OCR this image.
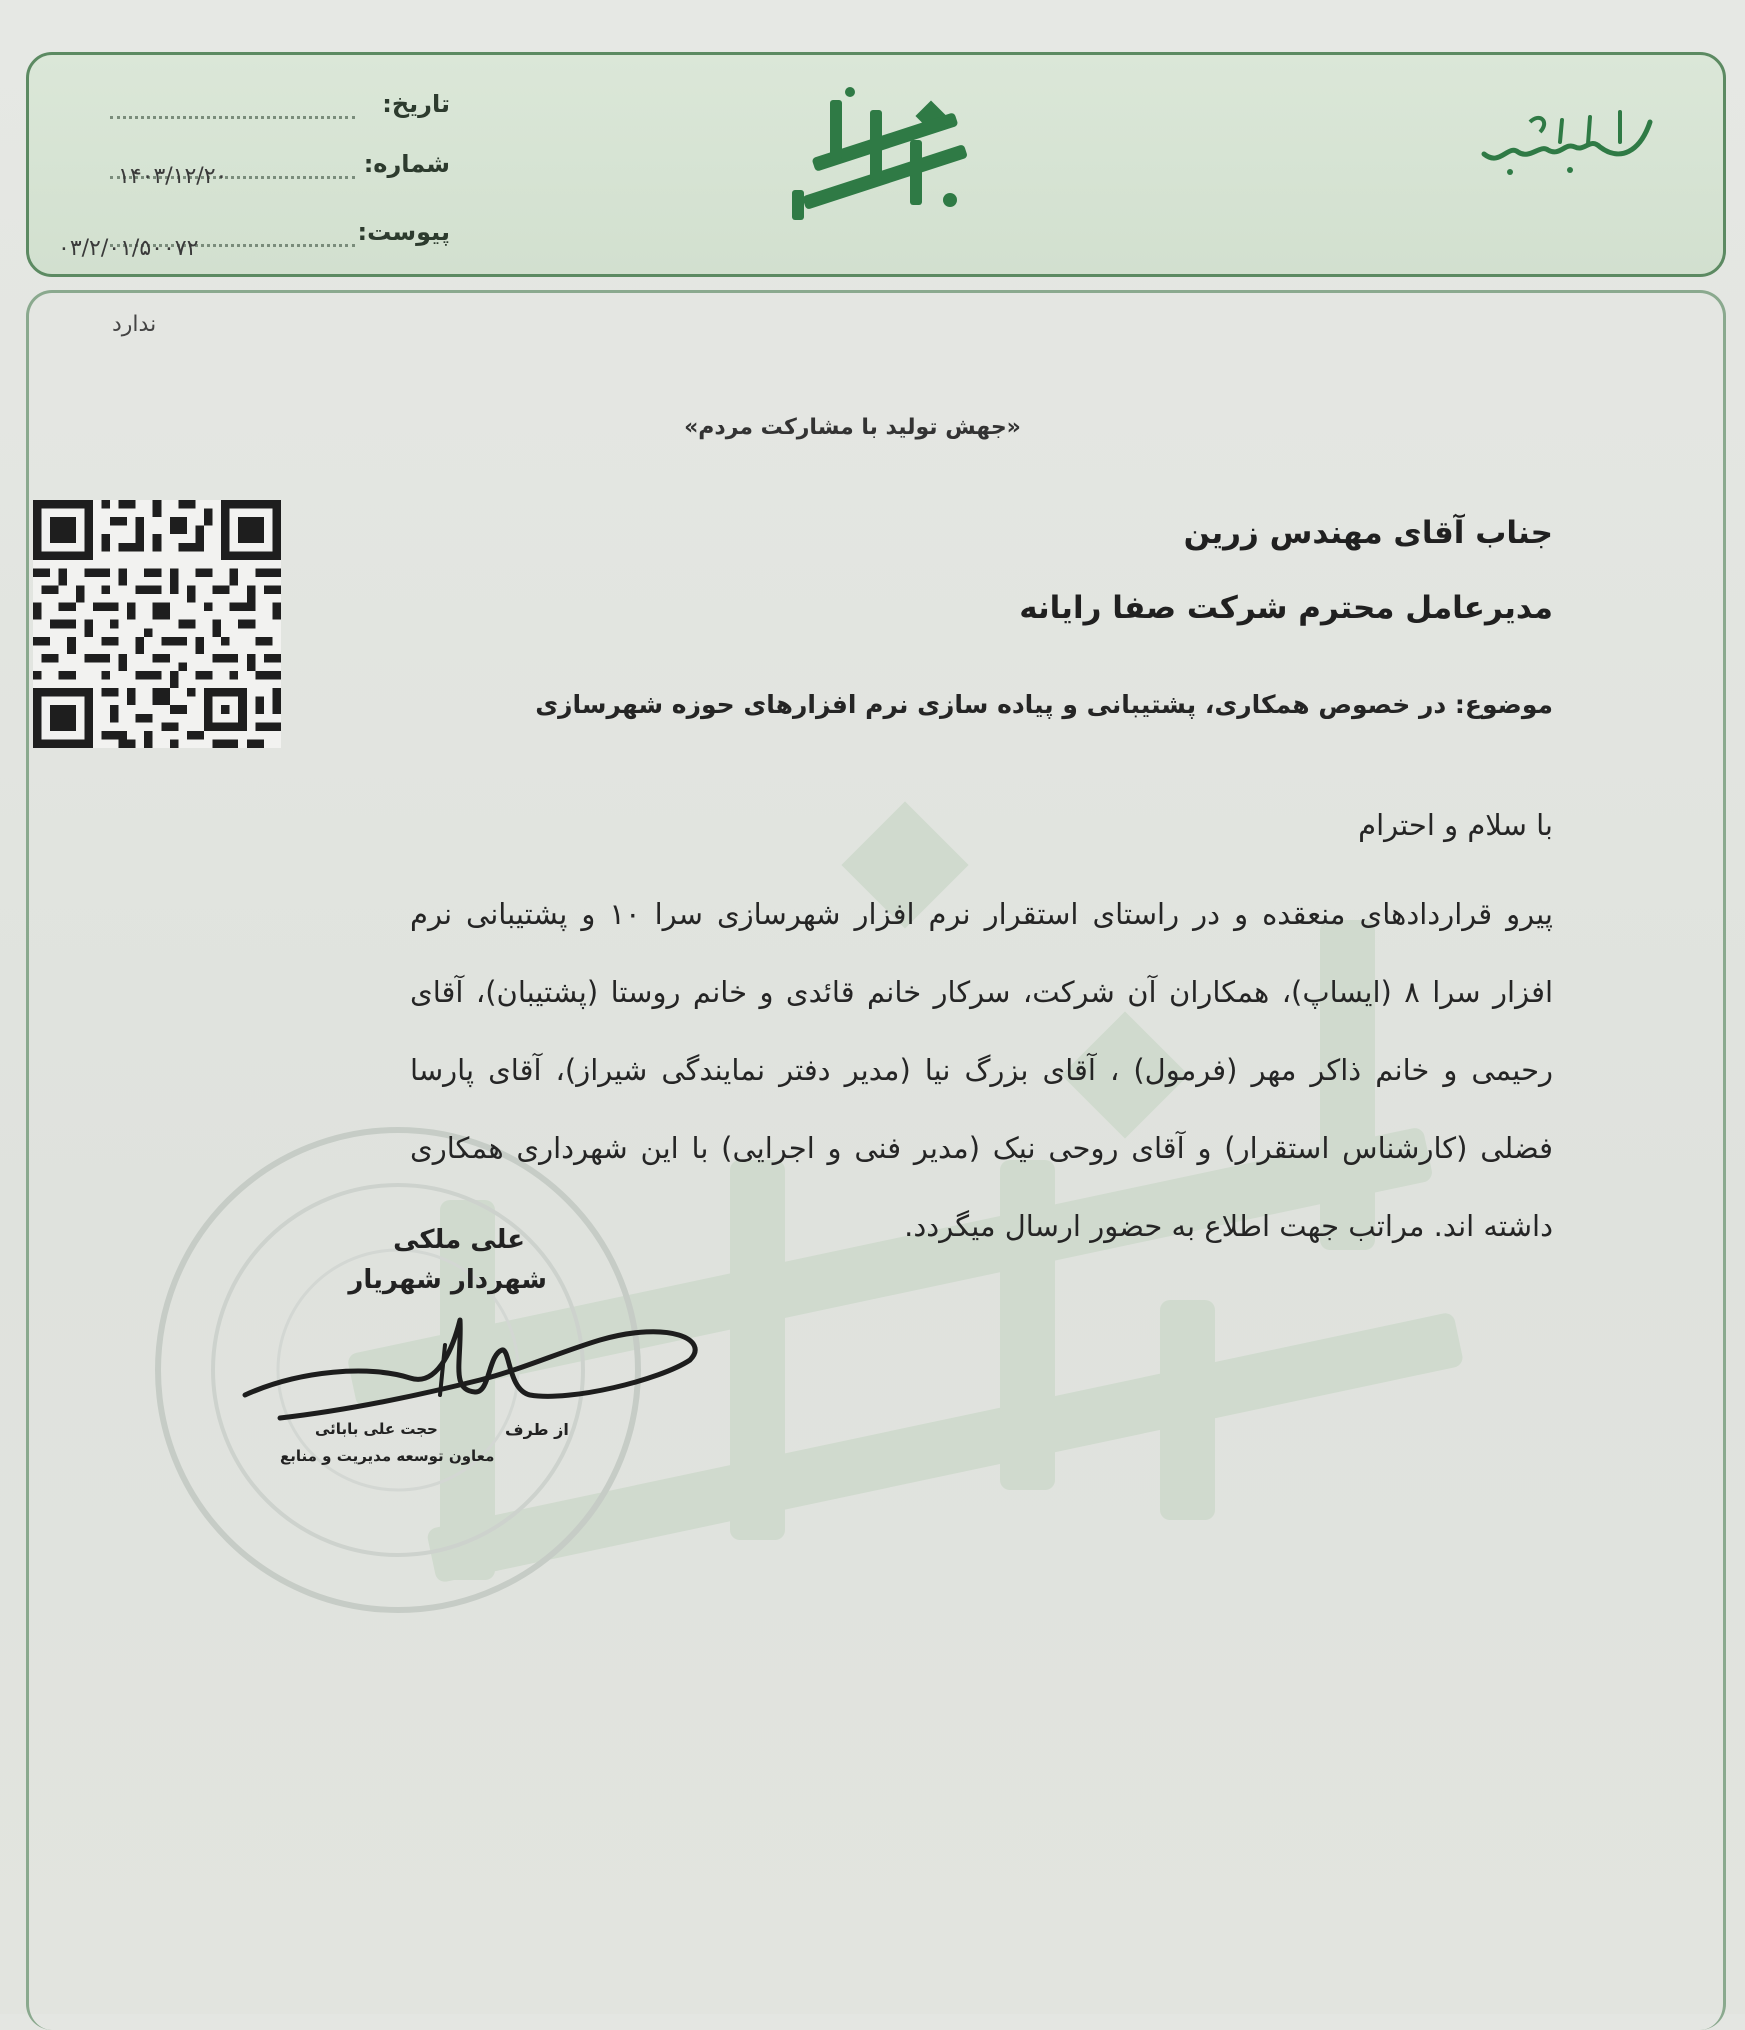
تاریخ:
شماره:
۱۴۰۳/۱۲/۲۰
پیوست:
۰۳/۲/۰۱/۵۰۰۷۲
ندارد
«جهش تولید با مشارکت مردم»
جناب آقای مهندس زرین
مدیرعامل محترم شرکت صفا رایانه
موضوع: در خصوص همکاری، پشتیبانی و پیاده سازی نرم افزارهای حوزه شهرسازی
با سلام و احترام
پیرو قراردادهای منعقده و در راستای استقرار نرم افزار شهرسازی سرا ۱۰ و پشتیبانی نرم افزار سرا ۸ (ایساپ)، همکاران آن شرکت، سرکار خانم قائدی و خانم روستا (پشتیبان)، آقای رحیمی و خانم ذاکر مهر (فرمول) ، آقای بزرگ نیا (مدیر دفتر نمایندگی شیراز)، آقای پارسا فضلی (کارشناس استقرار) و آقای روحی نیک (مدیر فنی و اجرایی) با این شهرداری همکاری داشته اند. مراتب جهت اطلاع به حضور ارسال میگردد.
علی ملکی
شهردار شهریار
از طرف
حجت علی بابائی
معاون توسعه مدیریت و منابع
